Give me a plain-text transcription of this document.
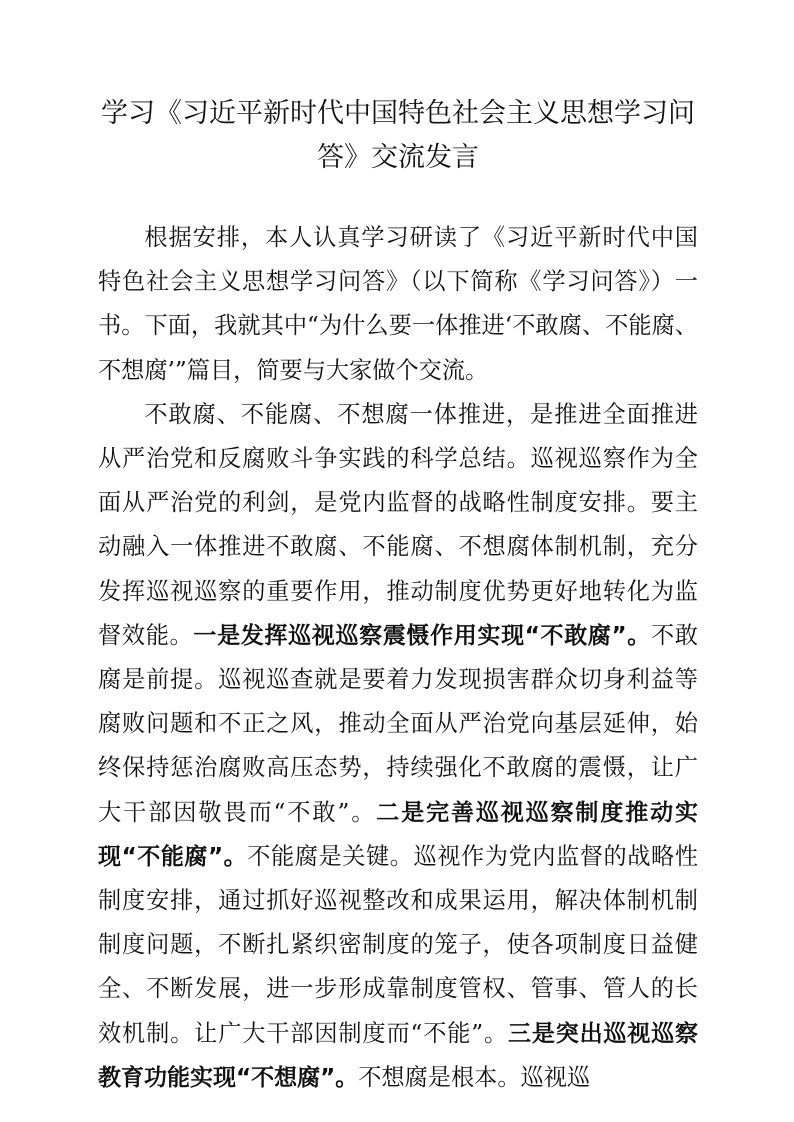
学习《习近平新时代中国特色社会主义思想学习问答》交流发言

根据安排，本人认真学习研读了《习近平新时代中国特色社会主义思想学习问答》（以下简称《学习问答》）一书。下面，我就其中“为什么要一体推进‘不敢腐、不能腐、不想腐’”篇目，简要与大家做个交流。

不敢腐、不能腐、不想腐一体推进，是推进全面推进从严治党和反腐败斗争实践的科学总结。巡视巡察作为全面从严治党的利剑，是党内监督的战略性制度安排。要主动融入一体推进不敢腐、不能腐、不想腐体制机制，充分发挥巡视巡察的重要作用，推动制度优势更好地转化为监督效能。一是发挥巡视巡察震慑作用实现“不敢腐”。不敢腐是前提。巡视巡查就是要着力发现损害群众切身利益等腐败问题和不正之风，推动全面从严治党向基层延伸，始终保持惩治腐败高压态势，持续强化不敢腐的震慑，让广大干部因敬畏而“不敢”。二是完善巡视巡察制度推动实现“不能腐”。不能腐是关键。巡视作为党内监督的战略性制度安排，通过抓好巡视整改和成果运用，解决体制机制制度问题，不断扎紧织密制度的笼子，使各项制度日益健全、不断发展，进一步形成靠制度管权、管事、管人的长效机制。让广大干部因制度而“不能”。三是突出巡视巡察教育功能实现“不想腐”。不想腐是根本。巡视巡
